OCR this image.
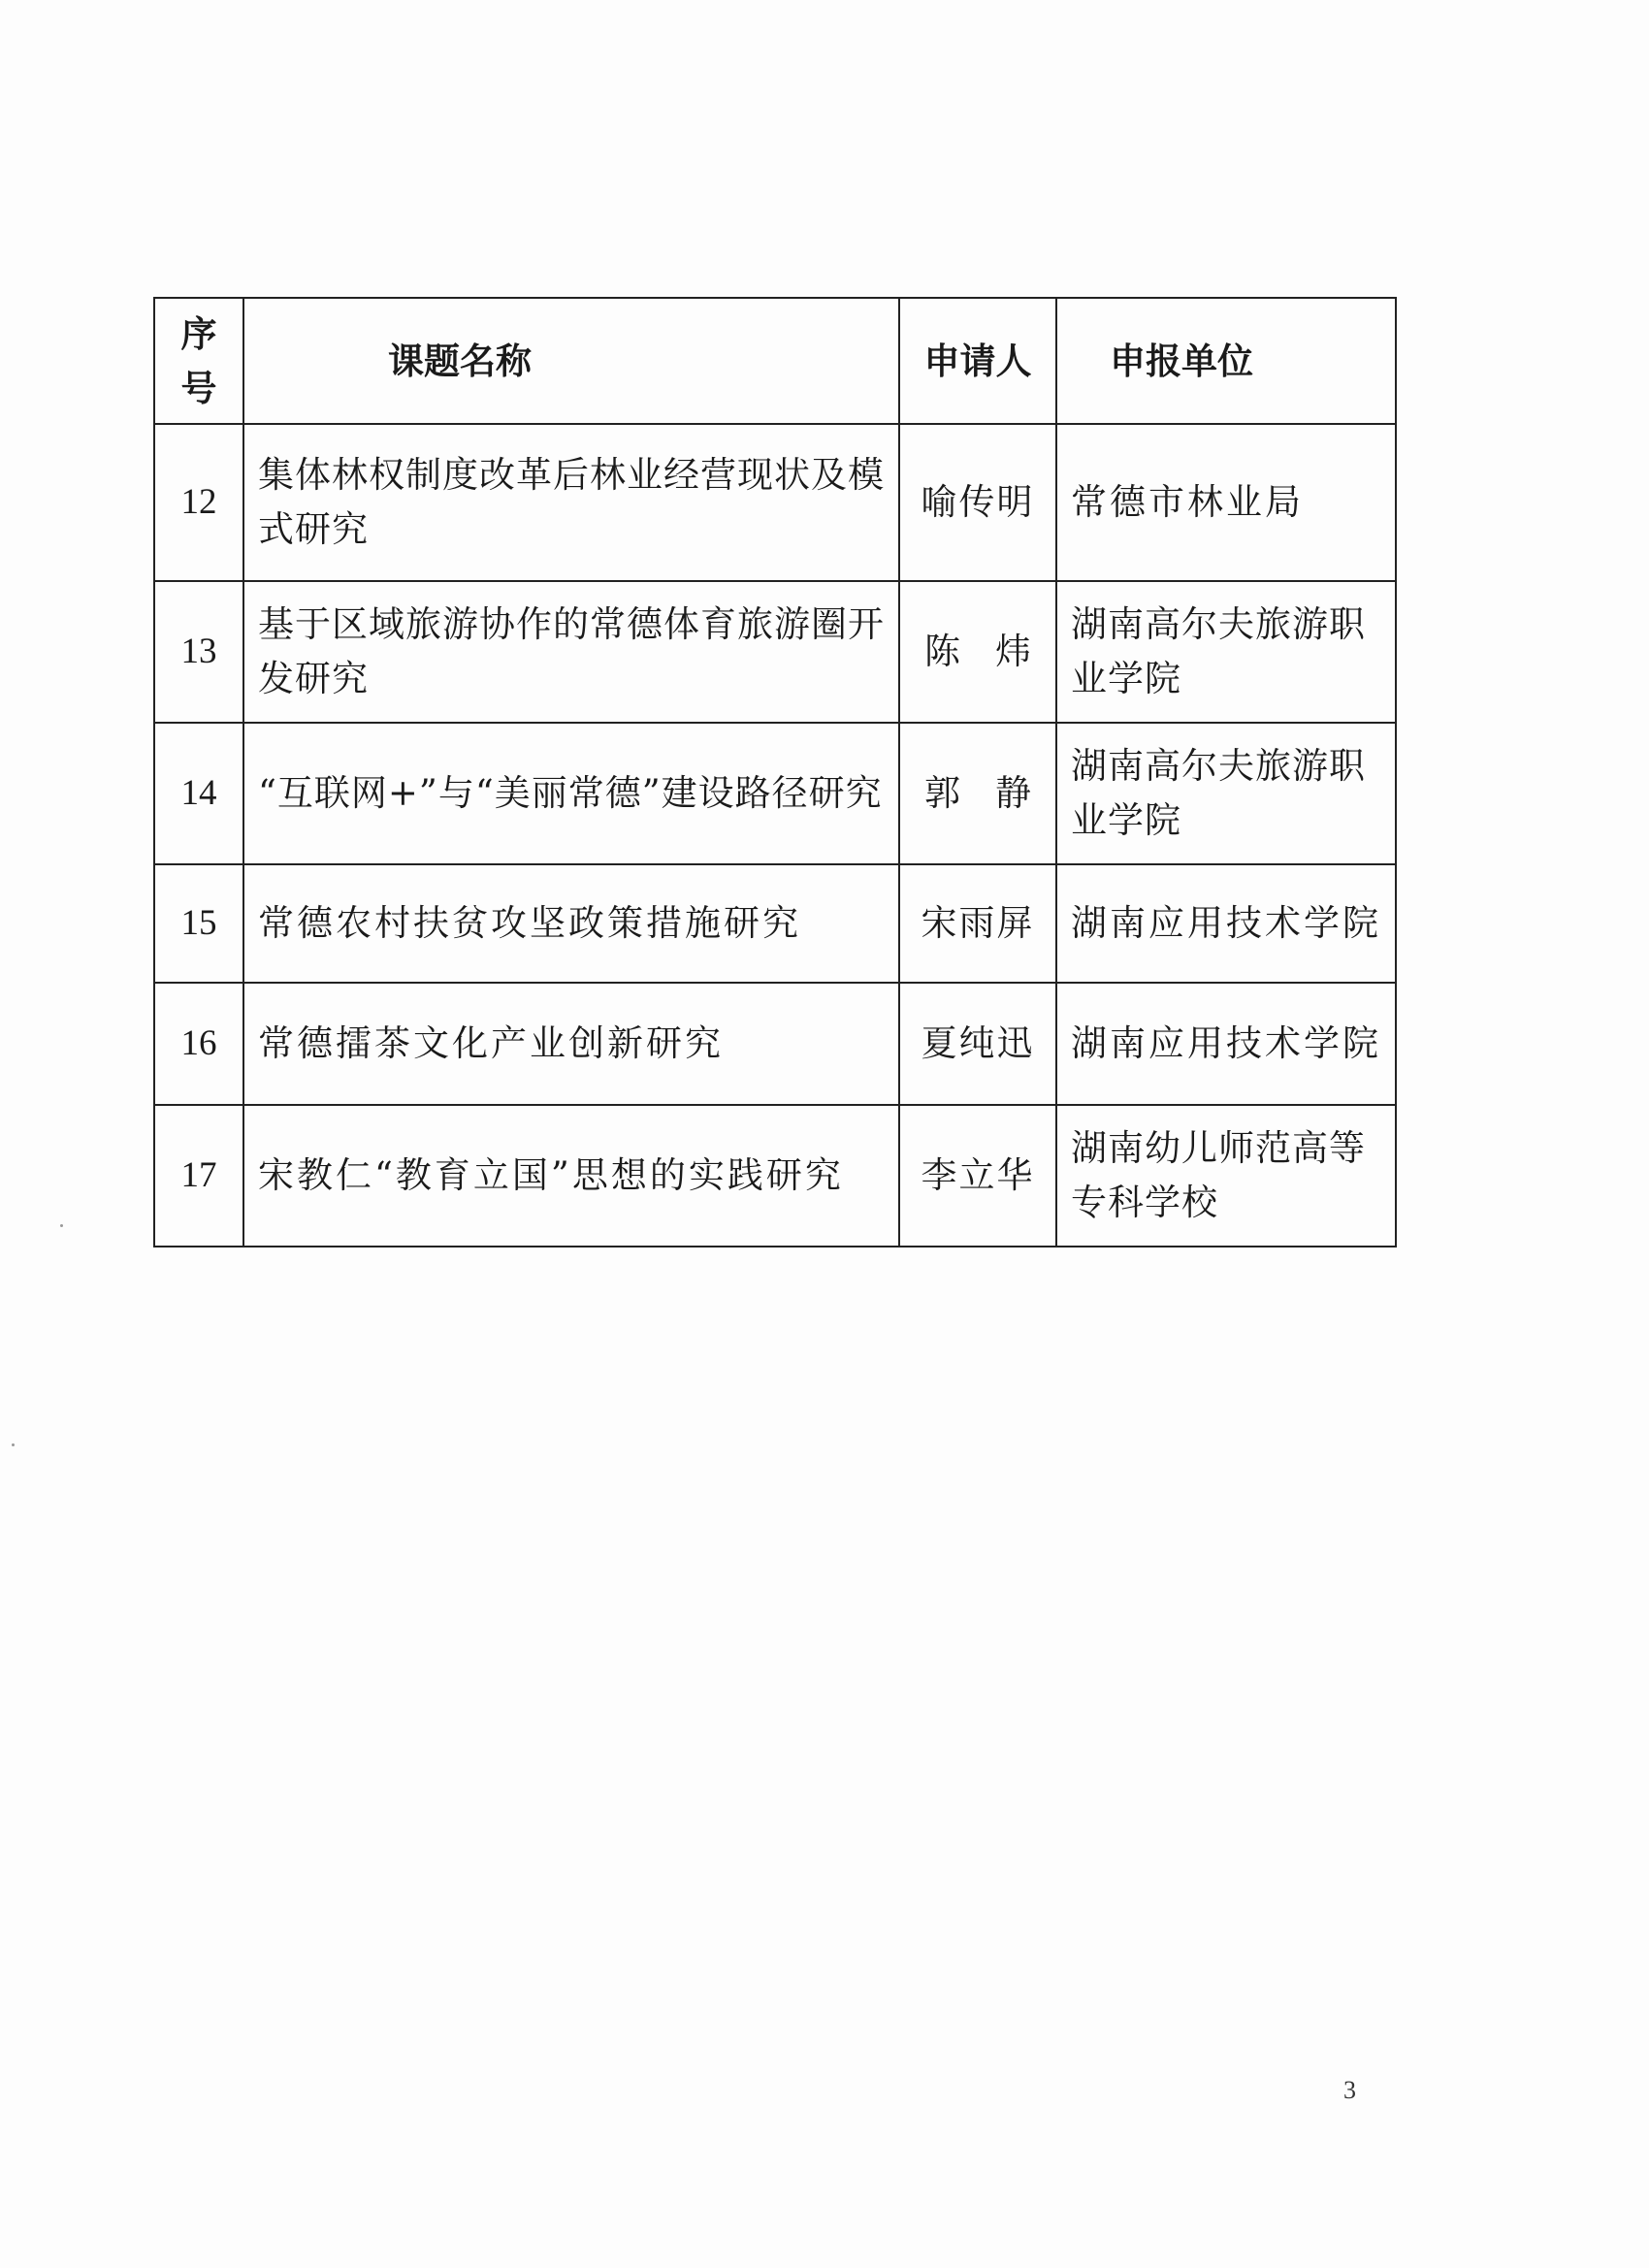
序
号	课题名称	申请人	申报单位
12	集体林权制度改革后林业经营现状及模式研究	喻传明	常德市林业局
13	基于区域旅游协作的常德体育旅游圈开发研究	陈 炜	湖南高尔夫旅游职业学院
14	“互联网+”与“美丽常德”建设路径研究	郭 静	湖南高尔夫旅游职业学院
15	常德农村扶贫攻坚政策措施研究	宋雨屏	湖南应用技术学院
16	常德擂茶文化产业创新研究	夏纯迅	湖南应用技术学院
17	宋教仁“教育立国”思想的实践研究	李立华	湖南幼儿师范高等专科学校
3
